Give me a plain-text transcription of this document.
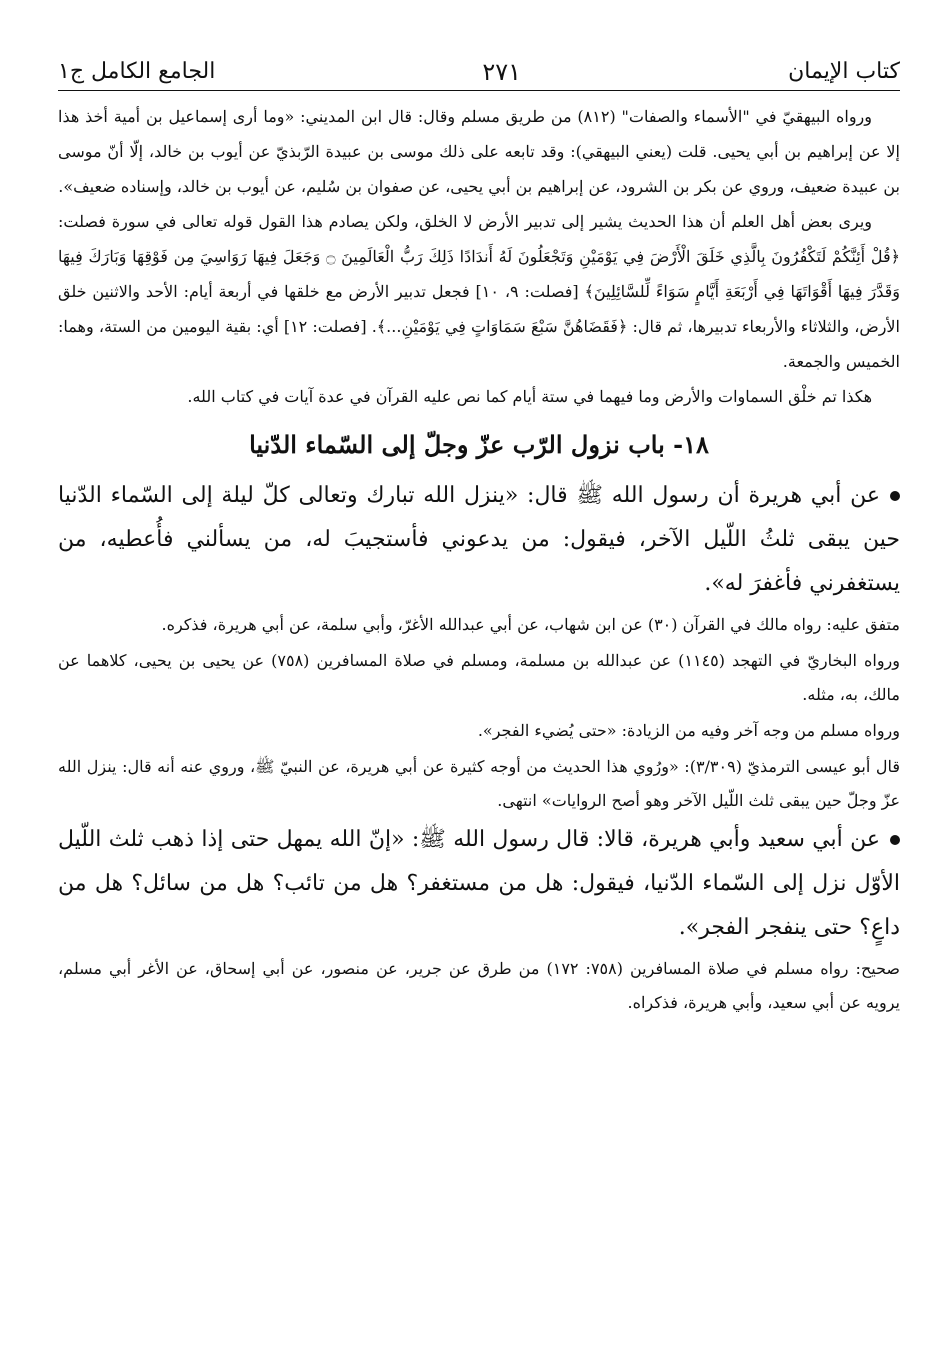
كتاب الإيمان
٢٧١
الجامع الكامل ج١

ورواه البيهقيّ في "الأسماء والصفات" (٨١٢) من طريق مسلم وقال: قال ابن المديني: «وما أرى إسماعيل بن أمية أخذ هذا إلا عن إبراهيم بن أبي يحيى. قلت (يعني البيهقي): وقد تابعه على ذلك موسى بن عبيدة الرّبذيّ عن أيوب بن خالد، إلّا أنّ موسى بن عبيدة ضعيف، وروي عن بكر بن الشرود، عن إبراهيم بن أبي يحيى، عن صفوان بن سُليم، عن أيوب بن خالد، وإسناده ضعيف».

ويرى بعض أهل العلم أن هذا الحديث يشير إلى تدبير الأرض لا الخلق، ولكن يصادم هذا القول قوله تعالى في سورة فصلت: ﴿قُلْ أَئِنَّكُمْ لَتَكْفُرُونَ بِالَّذِي خَلَقَ الْأَرْضَ فِي يَوْمَيْنِ وَتَجْعَلُونَ لَهُ أَندَادًا ذَلِكَ رَبُّ الْعَالَمِينَ ۝ وَجَعَلَ فِيهَا رَوَاسِيَ مِن فَوْقِهَا وَبَارَكَ فِيهَا وَقَدَّرَ فِيهَا أَقْوَاتَهَا فِي أَرْبَعَةِ أَيَّامٍ سَوَاءً لِّلسَّائِلِينَ﴾ [فصلت: ٩، ١٠] فجعل تدبير الأرض مع خلقها في أربعة أيام: الأحد والاثنين خلق الأرض، والثلاثاء والأربعاء تدبيرها، ثم قال: ﴿فَقَضَاهُنَّ سَبْعَ سَمَاوَاتٍ فِي يَوْمَيْنِ...﴾. [فصلت: ١٢] أي: بقية اليومين من الستة، وهما: الخميس والجمعة.

هكذا تم خلْق السماوات والأرض وما فيهما في ستة أيام كما نص عليه القرآن في عدة آيات في كتاب الله.

١٨- باب نزول الرّب عزّ وجلّ إلى السّماء الدّنيا

عن أبي هريرة أن رسول الله ﷺ قال: «ينزل الله تبارك وتعالى كلّ ليلة إلى السّماء الدّنيا حين يبقى ثلثُ اللّيل الآخر، فيقول: من يدعوني فأستجيبَ له، من يسألني فأُعطيه، من يستغفرني فأغفرَ له».

متفق عليه: رواه مالك في القرآن (٣٠) عن ابن شهاب، عن أبي عبدالله الأغرّ، وأبي سلمة، عن أبي هريرة، فذكره.

ورواه البخاريّ في التهجد (١١٤٥) عن عبدالله بن مسلمة، ومسلم في صلاة المسافرين (٧٥٨) عن يحيى بن يحيى، كلاهما عن مالك، به، مثله.

ورواه مسلم من وجه آخر وفيه من الزيادة: «حتى يُضيء الفجر».

قال أبو عيسى الترمذيّ (٣/٣٠٩): «ورُوي هذا الحديث من أوجه كثيرة عن أبي هريرة، عن النبيّ ﷺ، وروي عنه أنه قال: ينزل الله عزّ وجلّ حين يبقى ثلث اللّيل الآخر وهو أصح الروايات» انتهى.

عن أبي سعيد وأبي هريرة، قالا: قال رسول الله ﷺ: «إنّ الله يمهل حتى إذا ذهب ثلث اللّيل الأوّل نزل إلى السّماء الدّنيا، فيقول: هل من مستغفر؟ هل من تائب؟ هل من سائل؟ هل من داعٍ؟ حتى ينفجر الفجر».

صحيح: رواه مسلم في صلاة المسافرين (٧٥٨: ١٧٢) من طرق عن جرير، عن منصور، عن أبي إسحاق، عن الأغر أبي مسلم، يرويه عن أبي سعيد، وأبي هريرة، فذكراه.
